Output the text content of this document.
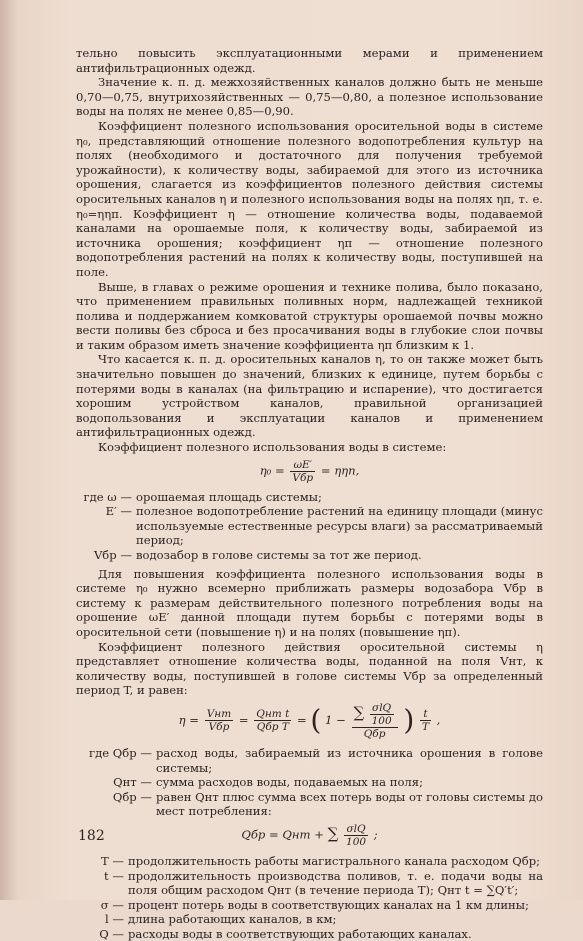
тельно повысить эксплуатационными мерами и применением антифильтрационных одежд.

Значение к. п. д. межхозяйственных каналов должно быть не меньше 0,70—0,75, внутрихозяйственных — 0,75—0,80, а полезное использование воды на полях не менее 0,85—0,90.

Коэффициент полезного использования оросительной воды в системе η₀, представляющий отношение полезного водопотребления культур на полях (необходимого и достаточного для получения требуемой урожайности), к количеству воды, забираемой для этого из источника орошения, слагается из коэффициентов полезного действия системы оросительных каналов η и полезного использования воды на полях ηп, т. е. η₀=ηηп. Коэффициент η — отношение количества воды, подаваемой каналами на орошаемые поля, к количеству воды, забираемой из источника орошения; коэффициент ηп — отношение полезного водопотребления растений на полях к количеству воды, поступившей на поле.

Выше, в главах о режиме орошения и технике полива, было показано, что применением правильных поливных норм, надлежащей техникой полива и поддержанием комковатой структуры орошаемой почвы можно вести поливы без сброса и без просачивания воды в глубокие слои почвы и таким образом иметь значение коэффициента ηп близким к 1.

Что касается к. п. д. оросительных каналов η, то он также может быть значительно повышен до значений, близких к единице, путем борьбы с потерями воды в каналах (на фильтрацию и испарение), что достигается хорошим устройством каналов, правильной организацией водопользования и эксплуатации каналов и применением антифильтрационных одежд.

Коэффициент полезного использования воды в системе:

$\eta_0 = \frac{\omega E'}{\text{Vбр}} = \eta\eta п$,
где ω — орошаемая площадь системы;
E′ — полезное водопотребление растений на единицу площади (минус используемые естественные ресурсы влаги) за рассматриваемый период;
Vбр — водозабор в голове системы за тот же период.

Для повышения коэффициента полезного использования воды в системе η₀ нужно всемерно приближать размеры водозабора Vбр в систему к размерам действительного полезного потребления воды на орошение ωE′ данной площади путем борьбы с потерями воды в оросительной сети (повышение η) и на полях (повышение ηп).

Коэффициент полезного действия оросительной системы η представляет отношение количества воды, поданной на поля Vнт, к количеству воды, поступившей в голове системы Vбр за определенный период T, и равен:

$\eta = \frac{\text{Vнт}}{\text{Vбр}} = \frac{\text{Qнт t}}{\text{Qбр T}}$ = ( $1 - \frac{\sum \frac{\text{σlQ}}{100}}{\text{Qбр}}$ ) $\frac{t}{T}$ ,
где Qбр — расход воды, забираемый из источника орошения в голове системы;
Qнт — сумма расходов воды, подаваемых на поля;
Qбр — равен Qнт плюс сумма всех потерь воды от головы системы до мест потребления:
Qбр = Qнт + ∑ $\frac{\text{σlQ}}{100}$ ;
T — продолжительность работы магистрального канала расходом Qбр;
t — продолжительность производства поливов, т. е. подачи воды на поля общим расходом Qнт (в течение периода T); Qнт t = ∑Q′t′;
σ — процент потерь воды в соответствующих каналах на 1 км длины;
l — длина работающих каналов, в км;
Q — расходы воды в соответствующих работающих каналах.
182
